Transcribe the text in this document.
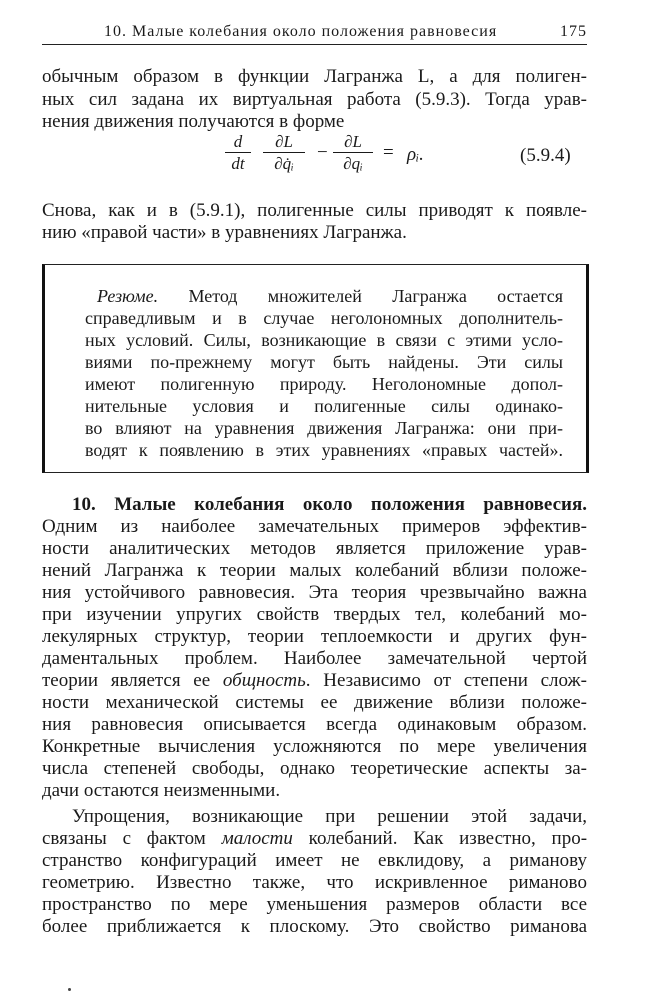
10. Малые колебания около положения равновесия	175
обычным образом в функции Лагранжа L, а для полиген-
ных сил задана их виртуальная работа (5.9.3). Тогда урав-
нения движения получаются в форме
$\frac{d}{dt} \frac{\partial L}{\text{∂q̇ᵢ}} - \frac{\partial L}{\text{∂qᵢ}}$ = ρᵢ.	(5.9.4)
Снова, как и в (5.9.1), полигенные силы приводят к появле-
нию «правой части» в уравнениях Лагранжа.
Резюме. Метод множителей Лагранжа остается
справедливым и в случае неголономных дополнитель-
ных условий. Силы, возникающие в связи с этими усло-
виями по-прежнему могут быть найдены. Эти силы
имеют полигенную природу. Неголономные допол-
нительные условия и полигенные силы одинако-
во влияют на уравнения движения Лагранжа: они при-
водят к появлению в этих уравнениях «правых частей».
10. Малые колебания около положения равновесия.
Одним из наиболее замечательных примеров эффектив-
ности аналитических методов является приложение урав-
нений Лагранжа к теории малых колебаний вблизи положе-
ния устойчивого равновесия. Эта теория чрезвычайно важна
при изучении упругих свойств твердых тел, колебаний мо-
лекулярных структур, теории теплоемкости и других фун-
даментальных проблем. Наиболее замечательной чертой
теории является ее общность. Независимо от степени слож-
ности механической системы ее движение вблизи положе-
ния равновесия описывается всегда одинаковым образом.
Конкретные вычисления усложняются по мере увеличения
числа степеней свободы, однако теоретические аспекты за-
дачи остаются неизменными.
Упрощения, возникающие при решении этой задачи,
связаны с фактом малости колебаний. Как известно, про-
странство конфигураций имеет не евклидову, а риманову
геометрию. Известно также, что искривленное римановo
пространство по мере уменьшения размеров области все
более приближается к плоскому. Это свойство риманова
